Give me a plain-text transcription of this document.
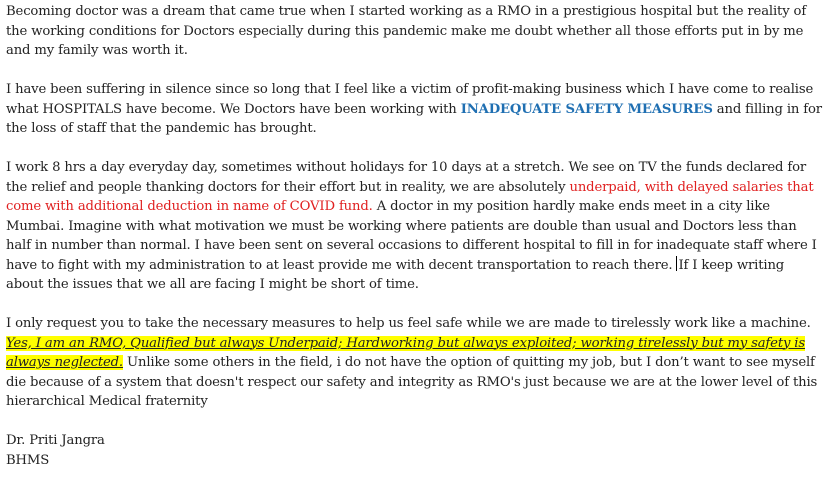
Becoming doctor was a dream that came true when I started working as a RMO in a prestigious hospital but the reality of the working conditions for Doctors especially during this pandemic make me doubt whether all those efforts put in by me and my family was worth it.

I have been suffering in silence since so long that I feel like a victim of profit-making business which I have come to realise what HOSPITALS have become. We Doctors have been working with INADEQUATE SAFETY MEASURES and filling in for the loss of staff that the pandemic has brought.

I work 8 hrs a day everyday day, sometimes without holidays for 10 days at a stretch. We see on TV the funds declared for the relief and people thanking doctors for their effort but in reality, we are absolutely underpaid, with delayed salaries that come with additional deduction in name of COVID fund. A doctor in my position hardly make ends meet in a city like Mumbai. Imagine with what motivation we must be working where patients are double than usual and Doctors less than half in number than normal. I have been sent on several occasions to different hospital to fill in for inadequate staff where I have to fight with my administration to at least provide me with decent transportation to reach there. If I keep writing about the issues that we all are facing I might be short of time.

I only request you to take the necessary measures to help us feel safe while we are made to tirelessly work like a machine. Yes, I am an RMO, Qualified but always Underpaid; Hardworking but always exploited; working tirelessly but my safety is always neglected. Unlike some others in the field, i do not have the option of quitting my job, but I don’t want to see myself die because of a system that doesn't respect our safety and integrity as RMO's just because we are at the lower level of this hierarchical Medical fraternity

Dr. Priti Jangra

BHMS
